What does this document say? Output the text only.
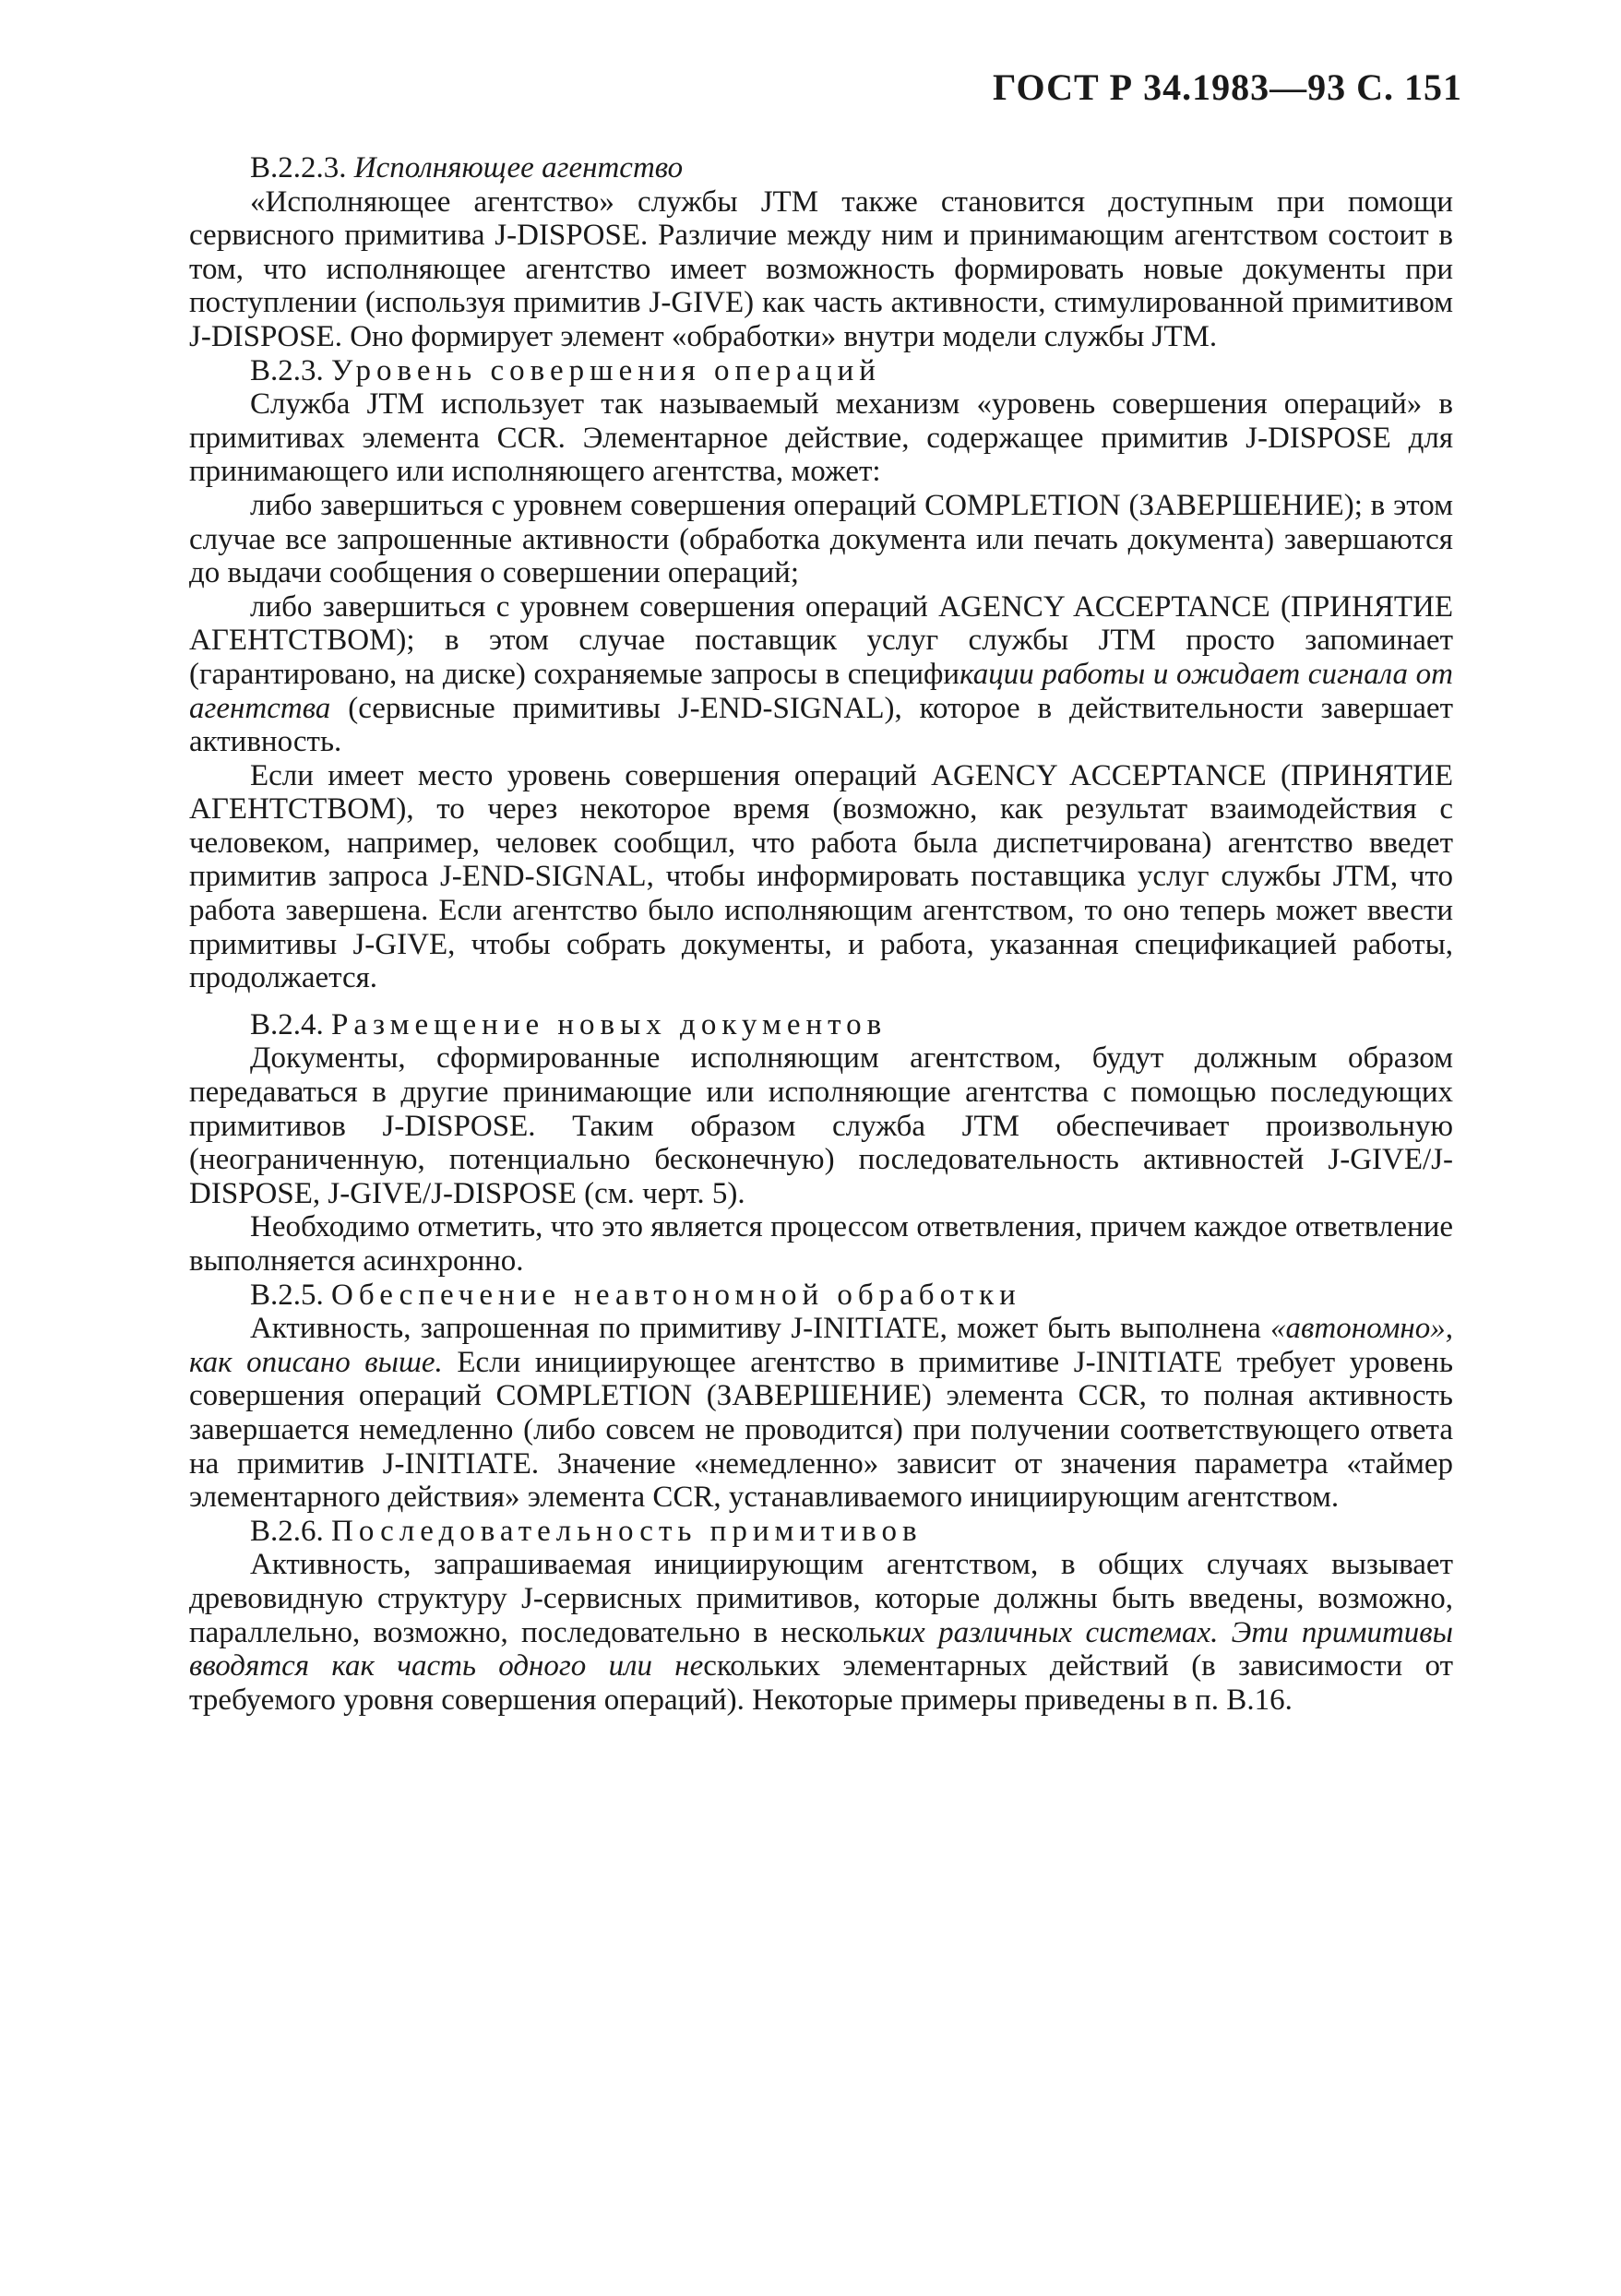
ГОСТ Р 34.1983—93 С. 151

В.2.2.3. Исполняющее агентство

«Исполняющее агентство» службы JTM также становится доступным при помощи сервисного примитива J-DISPOSE. Различие между ним и принимающим агентством состоит в том, что исполняющее агентство имеет возможность формировать новые документы при поступлении (используя примитив J-GIVE) как часть активности, стимулированной примитивом J-DISPOSE. Оно формирует элемент «обработки» внутри модели службы JTM.

В.2.3. Уровень совершения операций

Служба JTM использует так называемый механизм «уровень совершения операций» в примитивах элемента CCR. Элементарное действие, содержащее примитив J-DISPOSE для принимающего или исполняющего агентства, может:

либо завершиться с уровнем совершения операций COMPLETION (ЗАВЕРШЕНИЕ); в этом случае все запрошенные активности (обработка документа или печать документа) завершаются до выдачи сообщения о совершении операций;

либо завершиться с уровнем совершения операций AGENCY ACCEPTANCE (ПРИНЯТИЕ АГЕНТСТВОМ); в этом случае поставщик услуг службы JTM просто запоминает (гарантировано, на диске) сохраняемые запросы в спецификации работы и ожидает сигнала от агентства (сервисные примитивы J-END-SIGNAL), которое в действительности завершает активность.

Если имеет место уровень совершения операций AGENCY ACCEPTANCE (ПРИНЯТИЕ АГЕНТСТВОМ), то через некоторое время (возможно, как результат взаимодействия с человеком, например, человек сообщил, что работа была диспетчирована) агентство введет примитив запроса J-END-SIGNAL, чтобы информировать поставщика услуг службы JTM, что работа завершена. Если агентство было исполняющим агентством, то оно теперь может ввести примитивы J-GIVE, чтобы собрать документы, и работа, указанная спецификацией работы, продолжается.

В.2.4. Размещение новых документов

Документы, сформированные исполняющим агентством, будут должным образом передаваться в другие принимающие или исполняющие агентства с помощью последующих примитивов J-DISPOSE. Таким образом служба JTM обеспечивает произвольную (неограниченную, потенциально бесконечную) последовательность активностей J-GIVE/J-DISPOSE, J-GIVE/J-DISPOSE (см. черт. 5).

Необходимо отметить, что это является процессом ответвления, причем каждое ответвление выполняется асинхронно.

В.2.5. Обеспечение неавтономной обработки

Активность, запрошенная по примитиву J-INITIATE, может быть выполнена «автономно», как описано выше. Если инициирующее агентство в примитиве J-INITIATE требует уровень совершения операций COMPLETION (ЗАВЕРШЕНИЕ) элемента CCR, то полная активность завершается немедленно (либо совсем не проводится) при получении соответствующего ответа на примитив J-INITIATE. Значение «немедленно» зависит от значения параметра «таймер элементарного действия» элемента CCR, устанавливаемого инициирующим агентством.

В.2.6. Последовательность примитивов

Активность, запрашиваемая инициирующим агентством, в общих случаях вызывает древовидную структуру J-сервисных примитивов, которые должны быть введены, возможно, параллельно, возможно, последовательно в нескольких различных системах. Эти примитивы вводятся как часть одного или нескольких элементарных действий (в зависимости от требуемого уровня совершения операций). Некоторые примеры приведены в п. В.16.
